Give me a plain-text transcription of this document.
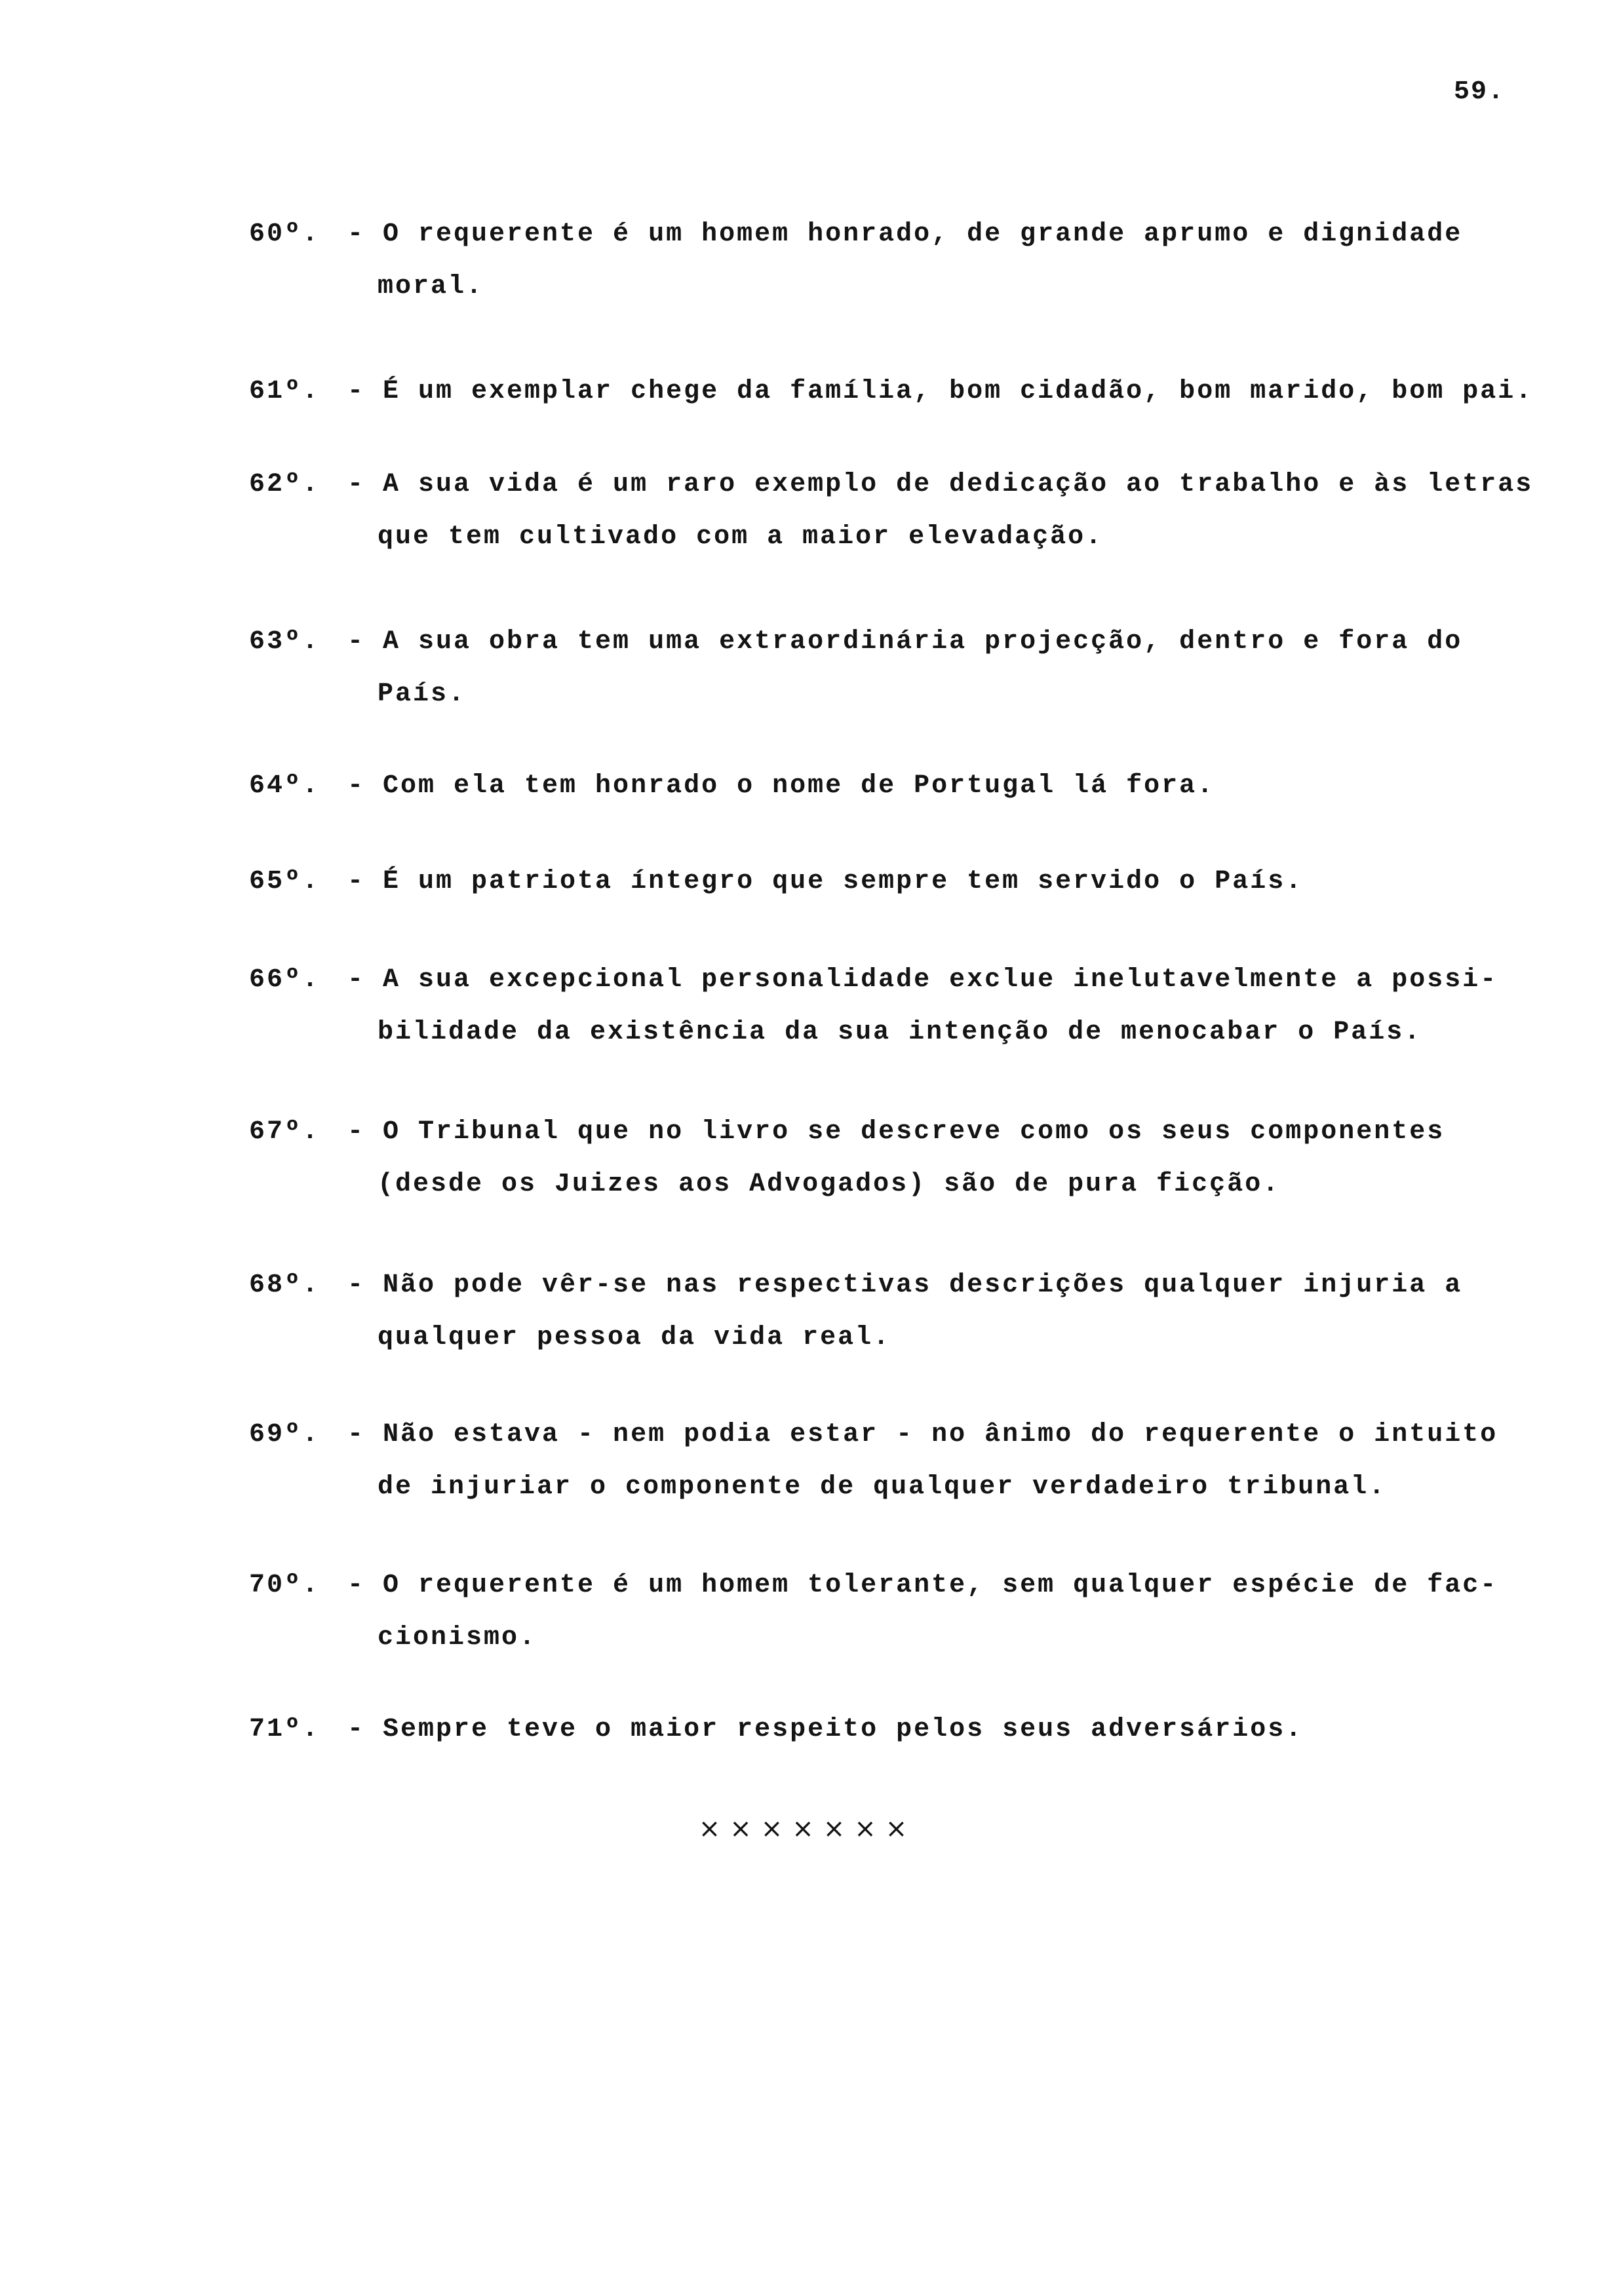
59.
60º.	- O requerente é um homem honrado, de grande aprumo e dignidade
moral.
61º.	- É um exemplar chege da família, bom cidadão, bom marido, bom pai.
62º.	- A sua vida é um raro exemplo de dedicação ao trabalho e às letras
que tem cultivado com a maior elevadação.
63º.	- A sua obra tem uma extraordinária projecção, dentro e fora do
País.
64º.	- Com ela tem honrado o nome de Portugal lá fora.
65º.	- É um patriota íntegro que sempre tem servido o País.
66º.	- A sua excepcional personalidade exclue inelutavelmente a possi-
bilidade da existência da sua intenção de menocabar o País.
67º.	- O Tribunal que no livro se descreve como os seus componentes
(desde os Juizes aos Advogados) são de pura ficção.
68º.	- Não pode vêr-se nas respectivas descrições qualquer injuria a
qualquer pessoa da vida real.
69º.	- Não estava - nem podia estar - no ânimo do requerente o intuito
de injuriar o componente de qualquer verdadeiro tribunal.
70º.	- O requerente é um homem tolerante, sem qualquer espécie de fac-
cionismo.
71º.	- Sempre teve o maior respeito pelos seus adversários.
×××××××
